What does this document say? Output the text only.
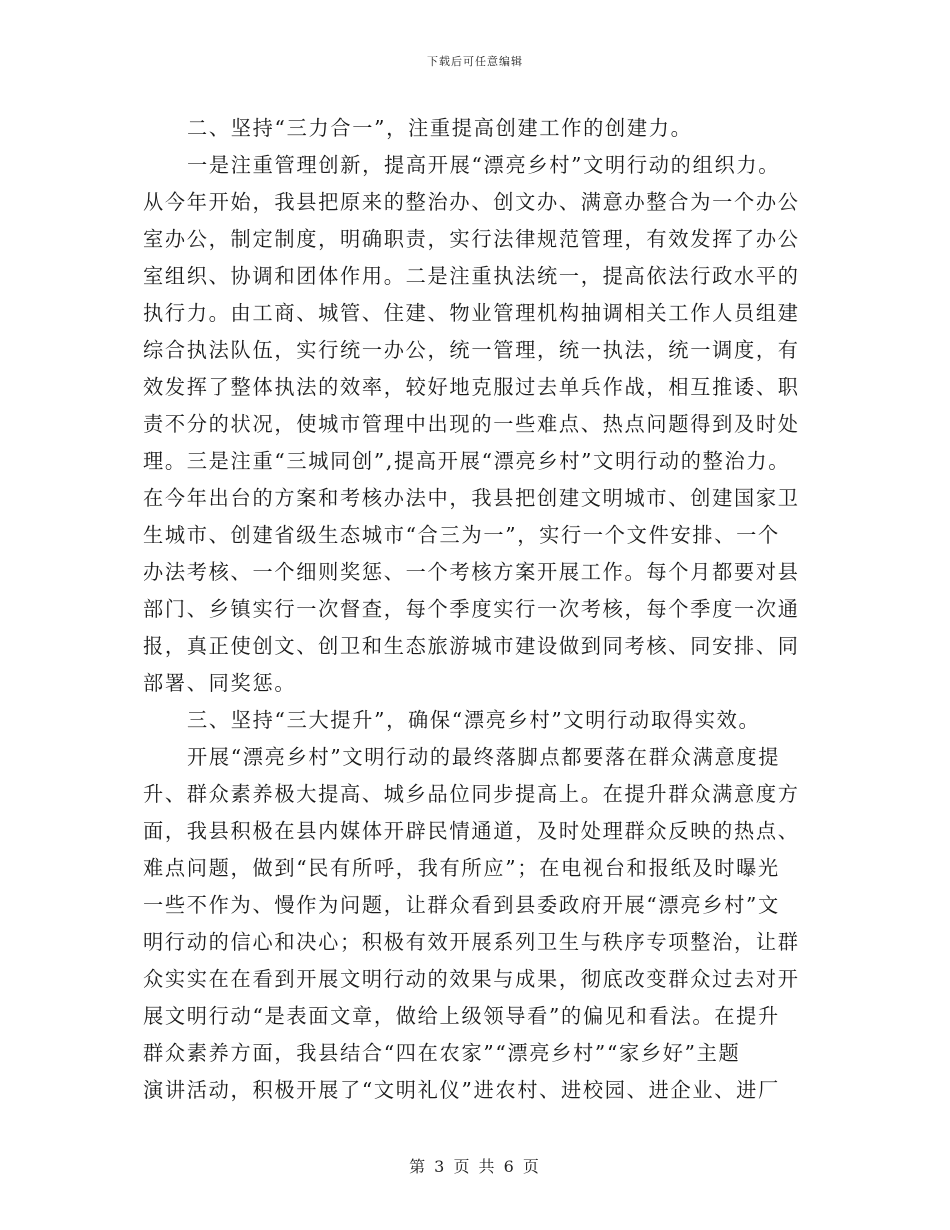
下载后可任意编辑
二、坚持“三力合一”，注重提高创建工作的创建力。
一是注重管理创新，提高开展“漂亮乡村”文明行动的组织力。
从今年开始，我县把原来的整治办、创文办、满意办整合为一个办公
室办公，制定制度，明确职责，实行法律规范管理，有效发挥了办公
室组织、协调和团体作用。二是注重执法统一，提高依法行政水平的
执行力。由工商、城管、住建、物业管理机构抽调相关工作人员组建
综合执法队伍，实行统一办公，统一管理，统一执法，统一调度，有
效发挥了整体执法的效率，较好地克服过去单兵作战，相互推诿、职
责不分的状况，使城市管理中出现的一些难点、热点问题得到及时处
理。三是注重“三城同创”,提高开展“漂亮乡村”文明行动的整治力。
在今年出台的方案和考核办法中，我县把创建文明城市、创建国家卫
生城市、创建省级生态城市“合三为一”，实行一个文件安排、一个
办法考核、一个细则奖惩、一个考核方案开展工作。每个月都要对县
部门、乡镇实行一次督查，每个季度实行一次考核，每个季度一次通
报，真正使创文、创卫和生态旅游城市建设做到同考核、同安排、同
部署、同奖惩。
三、坚持“三大提升”，确保“漂亮乡村”文明行动取得实效。
开展“漂亮乡村”文明行动的最终落脚点都要落在群众满意度提
升、群众素养极大提高、城乡品位同步提高上。在提升群众满意度方
面，我县积极在县内媒体开辟民情通道，及时处理群众反映的热点、
难点问题，做到“民有所呼，我有所应”；在电视台和报纸及时曝光
一些不作为、慢作为问题，让群众看到县委政府开展“漂亮乡村”文
明行动的信心和决心；积极有效开展系列卫生与秩序专项整治，让群
众实实在在看到开展文明行动的效果与成果，彻底改变群众过去对开
展文明行动“是表面文章，做给上级领导看”的偏见和看法。在提升
群众素养方面，我县结合“四在农家”“漂亮乡村”“家乡好”主题
演讲活动，积极开展了“文明礼仪”进农村、进校园、进企业、进厂
第 3 页 共 6 页
